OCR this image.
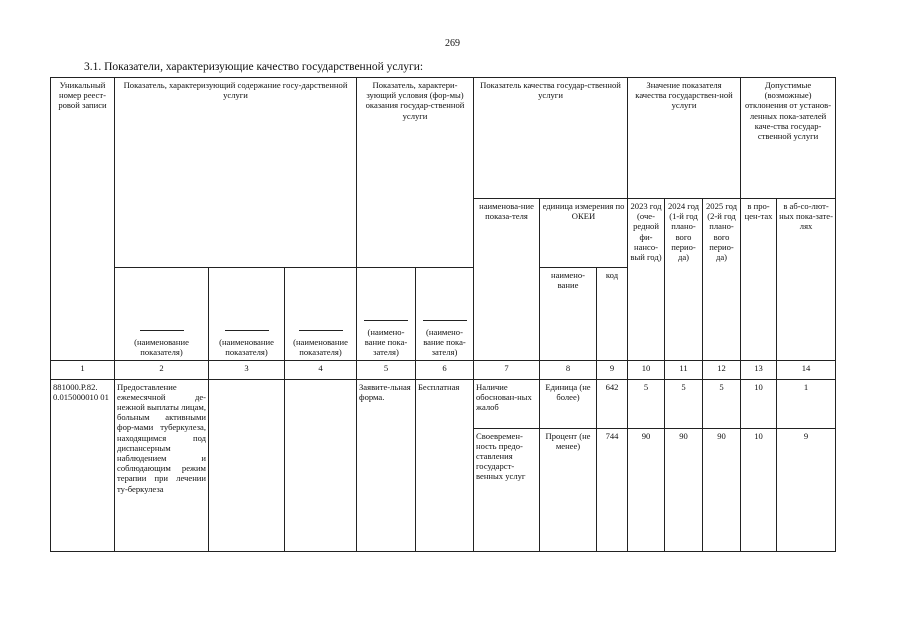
269
3.1. Показатели, характеризующие качество государственной услуги:
Уникальный номер реест-ровой записи	Показатель, характеризующий содержание госу-дарственной услуги			Показатель, характери-зующий условия (фор-мы) оказания государ-ственной услуги		Показатель качества государ-ственной услуги			Значение показателя качества государствен-ной услуги			Допустимые (возможные) отклонения от установ-ленных пока-зателей каче-ства государ-ственной услуги	
						наименова-ние показа-теля	единица измерения по ОКЕИ		2023 год (оче-редной фи-нансо-вый год)	2024 год (1-й год плано-вого перио-да)	2025 год (2-й год плано-вого перио-да)	в про-цен-тах	в аб-со-лют-ных пока-зате-лях

(наименование показателя)	(наименование показателя)	(наименование показателя)	(наимено-вание пока-зателя)	(наимено-вание пока-зателя)		наимено-вание	код					
1	2	3	4	5	6	7	8	9	10	11	12	13	14
881000.Р.82. 0.015000010 01	Предоставление ежемесячной де-нежной выплаты лицам, больным активными фор-мами туберкулеза, находящимся под диспансерным наблюдением и соблюдающим режим терапии при лечении ту-беркулеза			Заявите-льная форма.	Бесплатная	Наличие обоснован-ных жалоб	Единица (не более)	642	5	5	5	10	1
						Своевремен-ность предо-ставления государст-венных услуг	Процент (не менее)	744	90	90	90	10	9
